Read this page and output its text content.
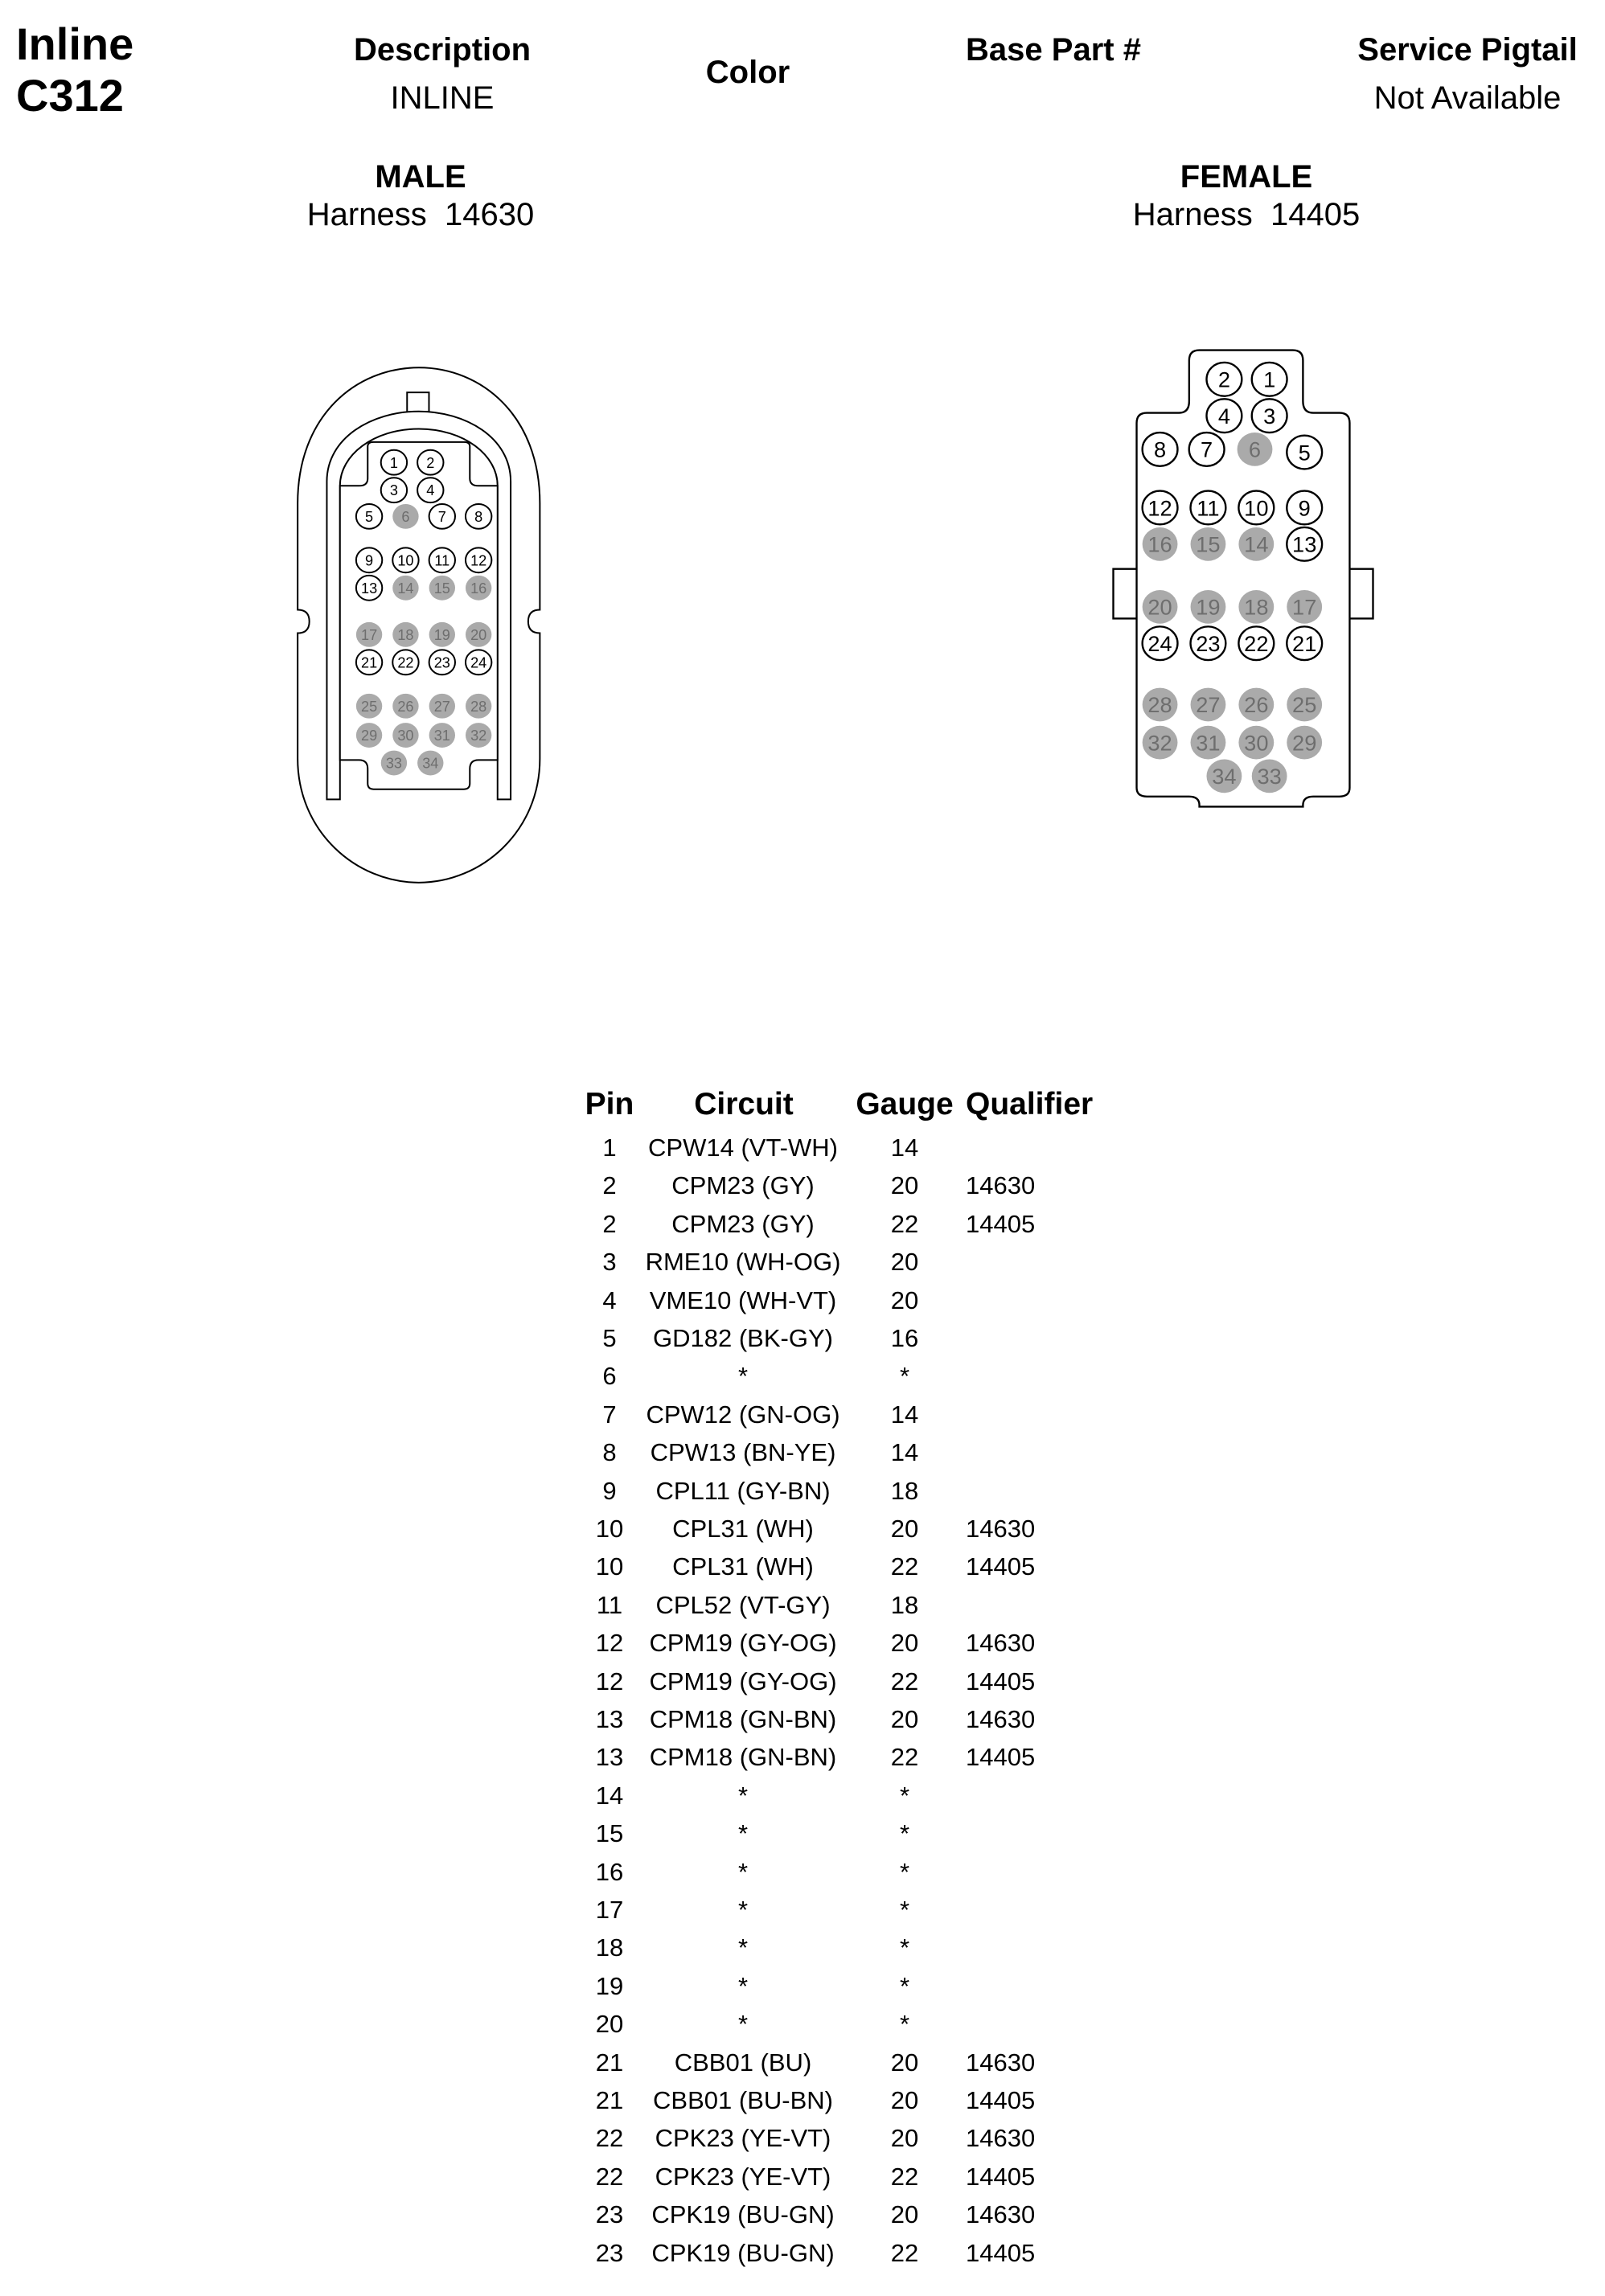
Inline
C312
Description
INLINE
Color
Base Part #	Service Pigtail
Not Available
MALE
Harness 14630
FEMALE
Harness 14405
1	2
3	4
5	6	7	8
9	10	11	12
13	14	15	16
17	18	19	20
21	22	23	24
25	26	27	28
29	30	31	32
33	34
1
2
3
4
5
6
7
8
9
10
11
12
13
14
15
16
17
18
19
20
21
22
23
24
25
26
27
28
29
30
31
32
33
34
Pin Circuit Gauge Qualifier
1 CPW14 (VT-WH) 14
2 CPM23 (GY)	20 14630
2 CPM23 (GY)	22 14405
3 RME10 (WH-OG) 20
4 VME10 (WH-VT) 20
5 GD182 (BK-GY) 16
6	*	*
7 CPW12 (GN-OG) 14
8 CPW13 (BN-YE) 14
9 CPL11 (GY-BN) 18
10 CPL31 (WH)	20 14630
10 CPL31 (WH)	22 14405
11 CPL52 (VT-GY) 18
12 CPM19 (GY-OG) 20 14630
12 CPM19 (GY-OG) 22 14405
13 CPM18 (GN-BN) 20 14630
13 CPM18 (GN-BN) 22 14405
14	*	*
15	*	*
16	*	*
17	*	*
18	*	*
19	*	*
20	*	*
21 CBB01 (BU)	20 14630
21 CBB01 (BU-BN) 20 14405
22 CPK23 (YE-VT) 20 14630
22 CPK23 (YE-VT) 22 14405
23 CPK19 (BU-GN) 20 14630
23 CPK19 (BU-GN) 22 14405
